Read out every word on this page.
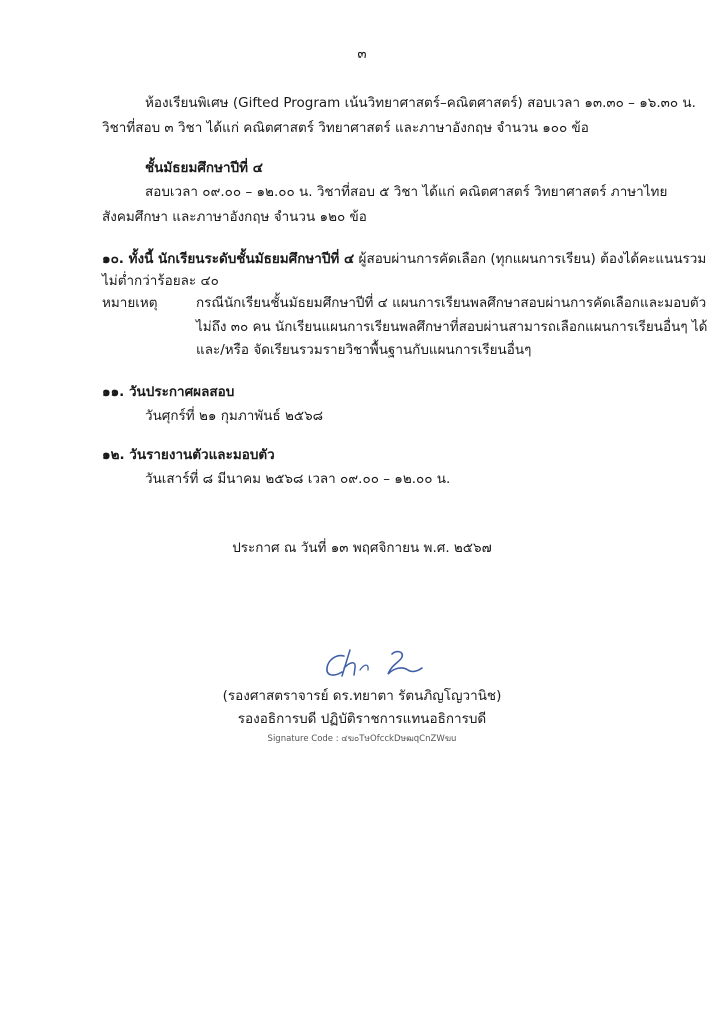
๓
ห้องเรียนพิเศษ (Gifted Program เน้นวิทยาศาสตร์–คณิตศาสตร์) สอบเวลา ๑๓.๓๐ – ๑๖.๓๐ น.
วิชาที่สอบ ๓ วิชา ได้แก่ คณิตศาสตร์ วิทยาศาสตร์ และภาษาอังกฤษ จำนวน ๑๐๐ ข้อ
ชั้นมัธยมศึกษาปีที่ ๔
สอบเวลา ๐๙.๐๐ – ๑๒.๐๐ น. วิชาที่สอบ ๕ วิชา ได้แก่ คณิตศาสตร์ วิทยาศาสตร์ ภาษาไทย
สังคมศึกษา และภาษาอังกฤษ จำนวน ๑๒๐ ข้อ
๑๐. ทั้งนี้ นักเรียนระดับชั้นมัธยมศึกษาปีที่ ๔ ผู้สอบผ่านการคัดเลือก (ทุกแผนการเรียน) ต้องได้คะแนนรวม
ไม่ต่ำกว่าร้อยละ ๔๐
หมายเหตุ	กรณีนักเรียนชั้นมัธยมศึกษาปีที่ ๔ แผนการเรียนพลศึกษาสอบผ่านการคัดเลือกและมอบตัว
ไม่ถึง ๓๐ คน นักเรียนแผนการเรียนพลศึกษาที่สอบผ่านสามารถเลือกแผนการเรียนอื่นๆ ได้
และ/หรือ จัดเรียนรวมรายวิชาพื้นฐานกับแผนการเรียนอื่นๆ
๑๑. วันประกาศผลสอบ
วันศุกร์ที่ ๒๑ กุมภาพันธ์ ๒๕๖๘
๑๒. วันรายงานตัวและมอบตัว
วันเสาร์ที่ ๘ มีนาคม ๒๕๖๘ เวลา ๐๙.๐๐ – ๑๒.๐๐ น.
ประกาศ ณ วันที่ ๑๓ พฤศจิกายน พ.ศ. ๒๕๖๗
(รองศาสตราจารย์ ดร.ทยาตา รัตนภิญโญวานิช)
รองอธิการบดี ปฏิบัติราชการแทนอธิการบดี
Signature Code : ๔ฆ๐TษOfcckDษฒqCnZWฆu
